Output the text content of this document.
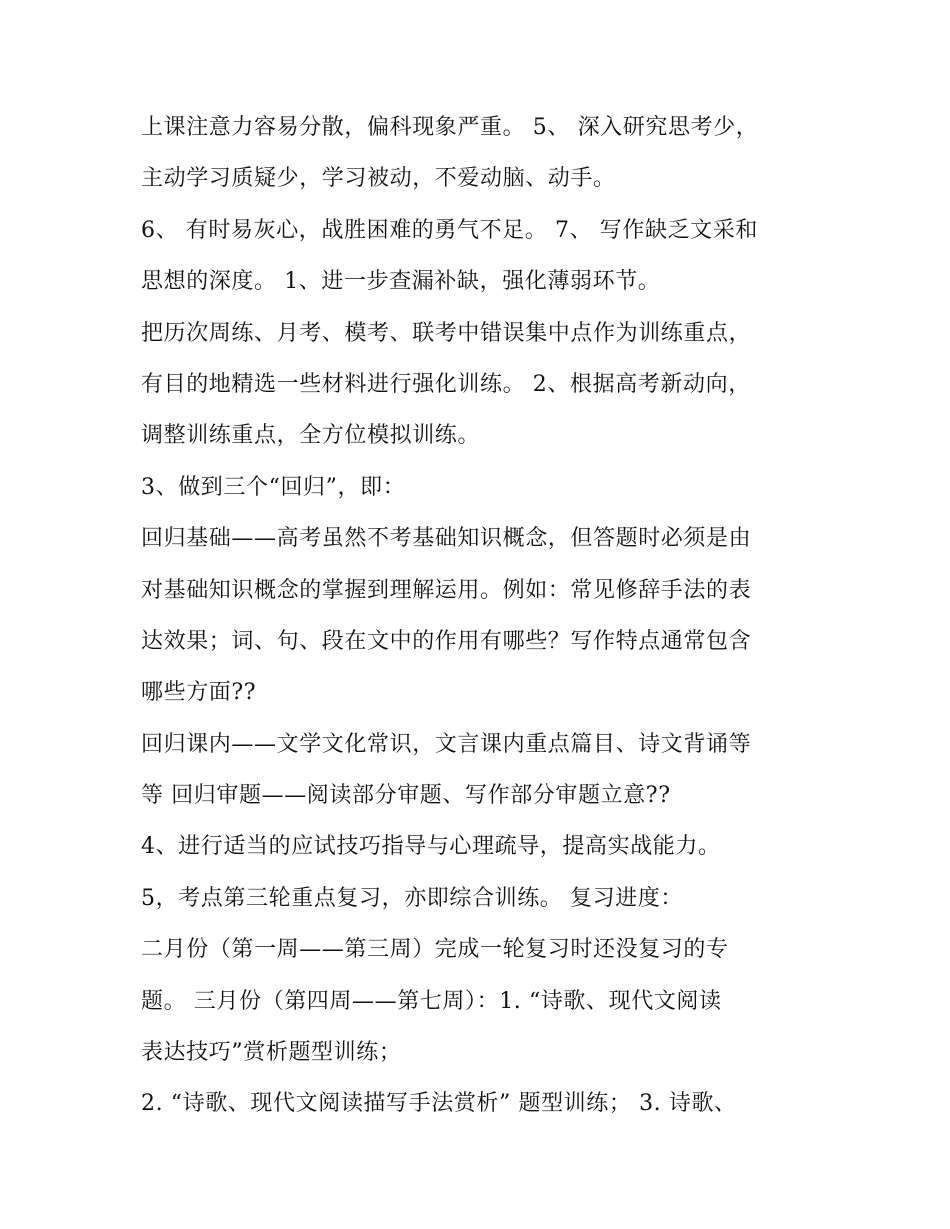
上课注意力容易分散，偏科现象严重。 5、 深入研究思考少，
主动学习质疑少，学习被动，不爱动脑、动手。
6、 有时易灰心，战胜困难的勇气不足。 7、 写作缺乏文采和
思想的深度。 1、进一步查漏补缺，强化薄弱环节。
把历次周练、月考、模考、联考中错误集中点作为训练重点，
有目的地精选一些材料进行强化训练。 2、根据高考新动向，
调整训练重点，全方位模拟训练。
3、做到三个“回归”，即：
回归基础——高考虽然不考基础知识概念，但答题时必须是由
对基础知识概念的掌握到理解运用。例如：常见修辞手法的表
达效果；词、句、段在文中的作用有哪些？写作特点通常包含
哪些方面??
回归课内——文学文化常识，文言课内重点篇目、诗文背诵等
等 回归审题——阅读部分审题、写作部分审题立意??
4、进行适当的应试技巧指导与心理疏导，提高实战能力。
5，考点第三轮重点复习，亦即综合训练。 复习进度：
二月份（第一周——第三周）完成一轮复习时还没复习的专
题。 三月份（第四周——第七周）：1. “诗歌、现代文阅读
表达技巧”赏析题型训练；
2. “诗歌、现代文阅读描写手法赏析” 题型训练； 3. 诗歌、
